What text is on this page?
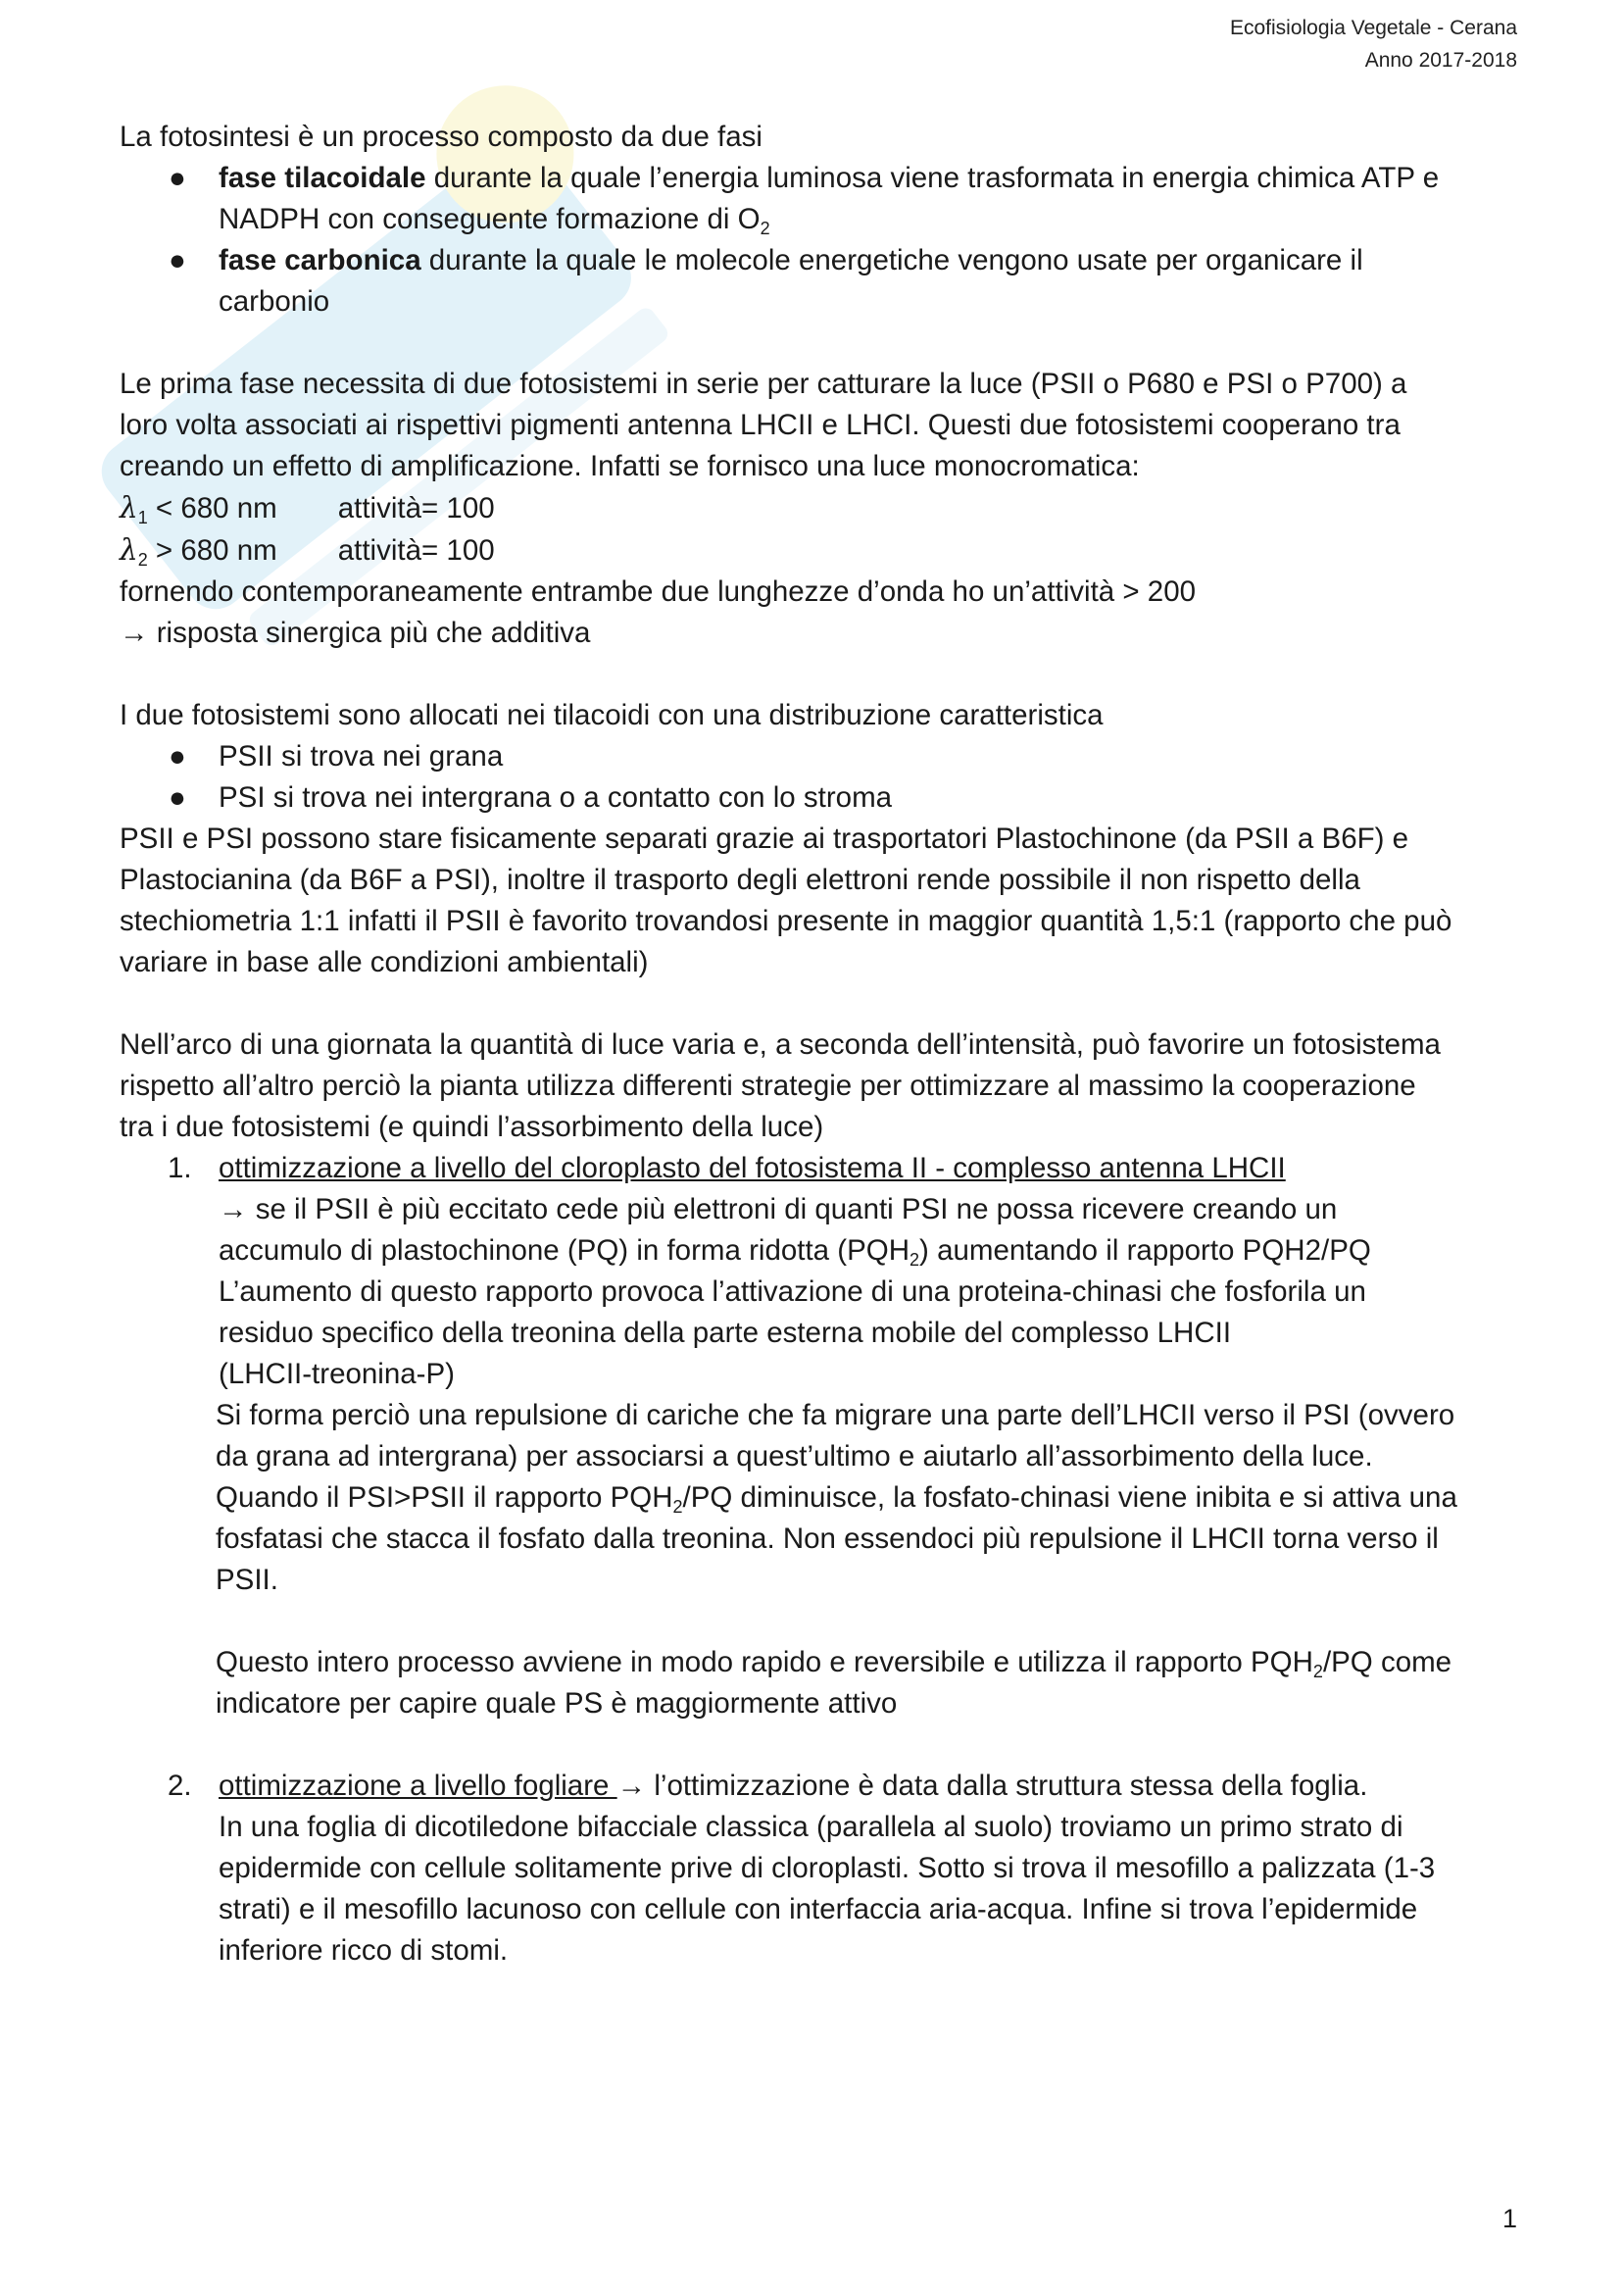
Ecofisiologia Vegetale - Cerana
Anno 2017-2018

La fotosintesi è un processo composto da due fasi

● fase tilacoidale durante la quale l’energia luminosa viene trasformata in energia chimica ATP e
NADPH con conseguente formazione di $O_2$
● fase carbonica durante la quale le molecole energetiche vengono usate per organicare il
carbonio

Le prima fase necessita di due fotosistemi in serie per catturare la luce (PSII o P680 e PSI o P700) a

loro volta associati ai rispettivi pigmenti antenna LHCII e LHCI. Questi due fotosistemi cooperano tra

creando un effetto di amplificazione. Infatti se fornisco una luce monocromatica:

$\lambda_1 < 680$ nm attività= 100

$\lambda_2 > 680$ nm attività= 100

fornendo contemporaneamente entrambe due lunghezze d’onda ho un’attività > 200

→ risposta sinergica più che additiva

I due fotosistemi sono allocati nei tilacoidi con una distribuzione caratteristica

● PSII si trova nei grana
● PSI si trova nei intergrana o a contatto con lo stroma

PSII e PSI possono stare fisicamente separati grazie ai trasportatori Plastochinone (da PSII a B6F) e

Plastocianina (da B6F a PSI), inoltre il trasporto degli elettroni rende possibile il non rispetto della

stechiometria 1:1 infatti il PSII è favorito trovandosi presente in maggior quantità 1,5:1 (rapporto che può

variare in base alle condizioni ambientali)

Nell’arco di una giornata la quantità di luce varia e, a seconda dell’intensità, può favorire un fotosistema

rispetto all’altro perciò la pianta utilizza differenti strategie per ottimizzare al massimo la cooperazione

tra i due fotosistemi (e quindi l’assorbimento della luce)

1. ottimizzazione a livello del cloroplasto del fotosistema II - complesso antenna LHCII
→ se il PSII è più eccitato cede più elettroni di quanti PSI ne possa ricevere creando un
accumulo di plastochinone (PQ) in forma ridotta $(PQH_2)$ aumentando il rapporto PQH2/PQ
L’aumento di questo rapporto provoca l’attivazione di una proteina-chinasi che fosforila un
residuo specifico della treonina della parte esterna mobile del complesso LHCII
(LHCII-treonina-P)
Si forma perciò una repulsione di cariche che fa migrare una parte dell’LHCII verso il PSI (ovvero
da grana ad intergrana) per associarsi a quest’ultimo e aiutarlo all’assorbimento della luce.
Quando il PSI>PSII il rapporto $PQH_2/PQ$ diminuisce, la fosfato-chinasi viene inibita e si attiva una
fosfatasi che stacca il fosfato dalla treonina. Non essendoci più repulsione il LHCII torna verso il
PSII.
Questo intero processo avviene in modo rapido e reversibile e utilizza il rapporto $PQH_2/PQ$ come
indicatore per capire quale PS è maggiormente attivo
2. ottimizzazione a livello fogliare → l’ottimizzazione è data dalla struttura stessa della foglia.
In una foglia di dicotiledone bifacciale classica (parallela al suolo) troviamo un primo strato di
epidermide con cellule solitamente prive di cloroplasti. Sotto si trova il mesofillo a palizzata (1-3
strati) e il mesofillo lacunoso con cellule con interfaccia aria-acqua. Infine si trova l’epidermide
inferiore ricco di stomi.
1
